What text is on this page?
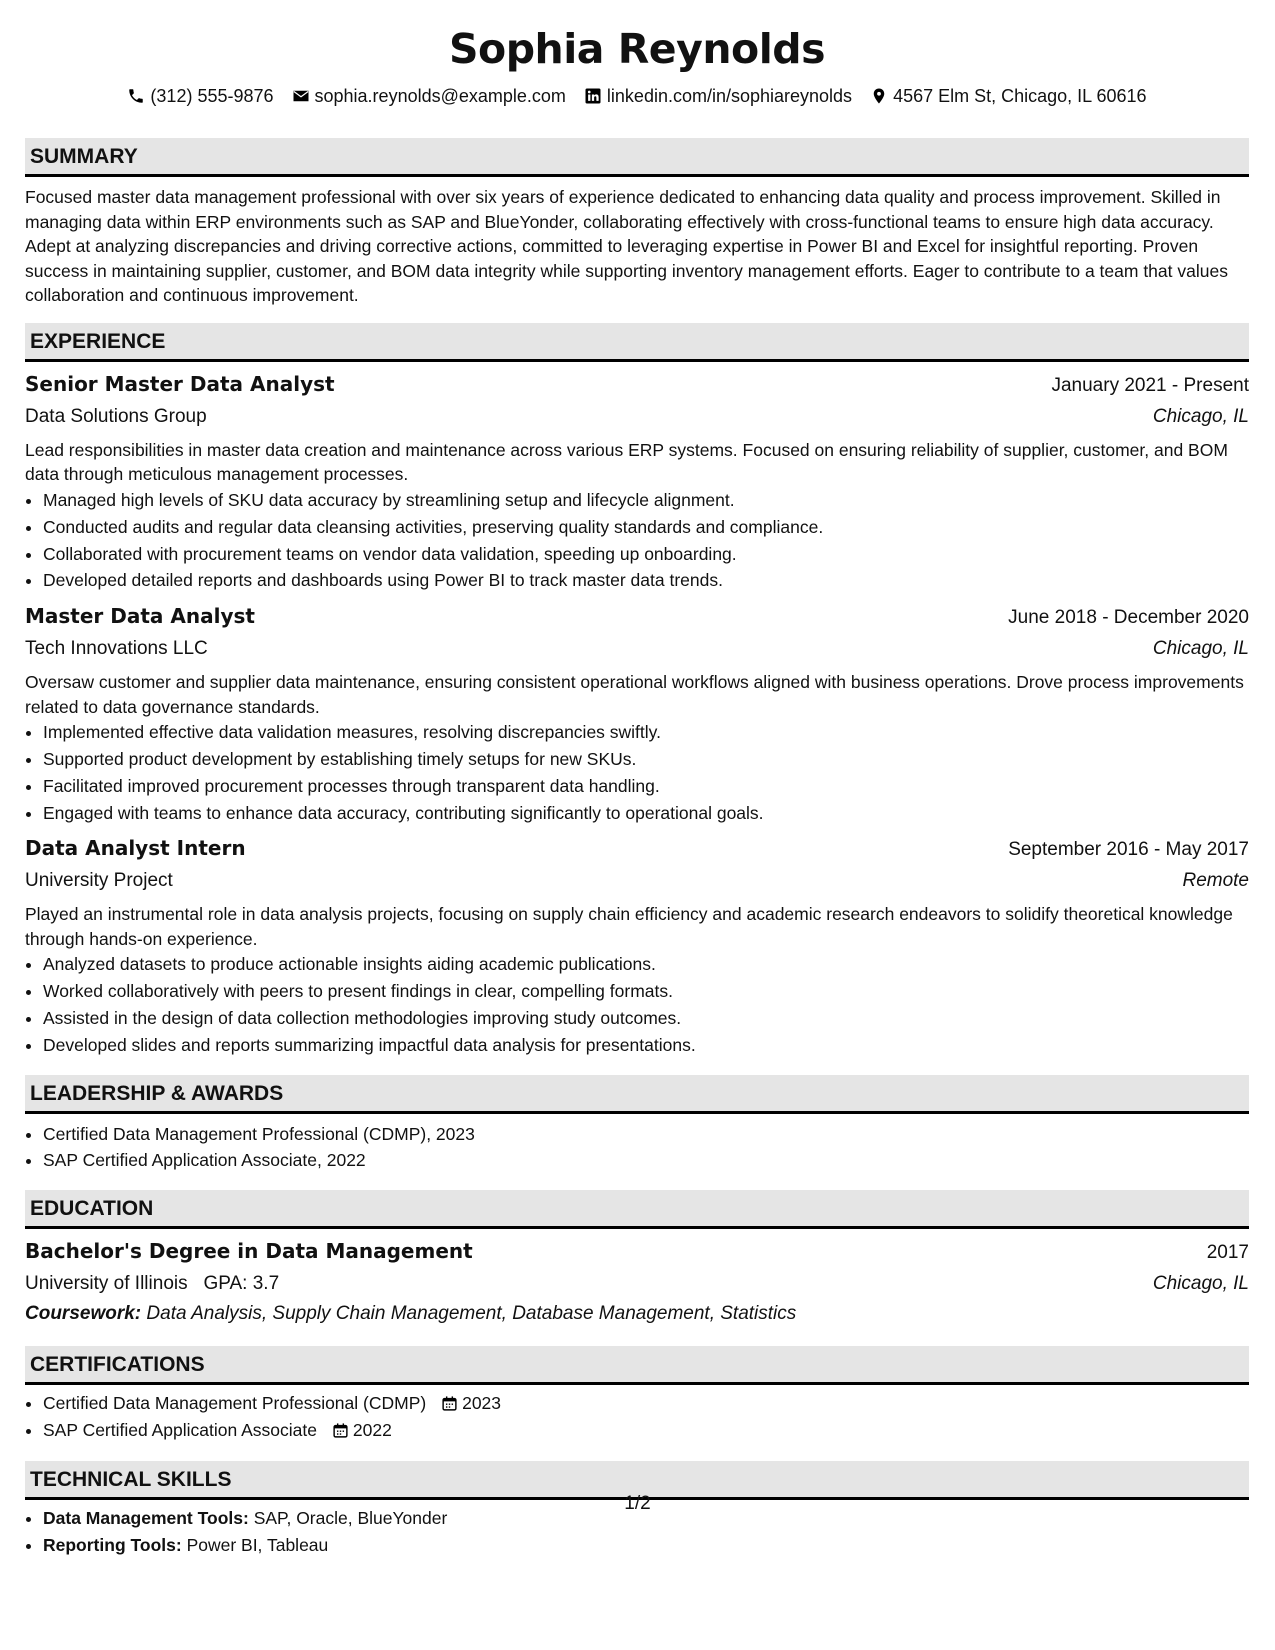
Sophia Reynolds
(312) 555-9876 sophia.reynolds@example.com linkedin.com/in/sophiareynolds 4567 Elm St, Chicago, IL 60616
SUMMARY
Focused master data management professional with over six years of experience dedicated to enhancing data quality and process improvement. Skilled in managing data within ERP environments such as SAP and BlueYonder, collaborating effectively with cross-functional teams to ensure high data accuracy. Adept at analyzing discrepancies and driving corrective actions, committed to leveraging expertise in Power BI and Excel for insightful reporting. Proven success in maintaining supplier, customer, and BOM data integrity while supporting inventory management efforts. Eager to contribute to a team that values collaboration and continuous improvement.
EXPERIENCE
Senior Master Data Analyst	January 2021 - Present
Data Solutions Group	Chicago, IL
Lead responsibilities in master data creation and maintenance across various ERP systems. Focused on ensuring reliability of supplier, customer, and BOM data through meticulous management processes.
• Managed high levels of SKU data accuracy by streamlining setup and lifecycle alignment.
• Conducted audits and regular data cleansing activities, preserving quality standards and compliance.
• Collaborated with procurement teams on vendor data validation, speeding up onboarding.
• Developed detailed reports and dashboards using Power BI to track master data trends.
Master Data Analyst	June 2018 - December 2020
Tech Innovations LLC	Chicago, IL
Oversaw customer and supplier data maintenance, ensuring consistent operational workflows aligned with business operations. Drove process improvements related to data governance standards.
• Implemented effective data validation measures, resolving discrepancies swiftly.
• Supported product development by establishing timely setups for new SKUs.
• Facilitated improved procurement processes through transparent data handling.
• Engaged with teams to enhance data accuracy, contributing significantly to operational goals.
Data Analyst Intern	September 2016 - May 2017
University Project	Remote
Played an instrumental role in data analysis projects, focusing on supply chain efficiency and academic research endeavors to solidify theoretical knowledge through hands-on experience.
• Analyzed datasets to produce actionable insights aiding academic publications.
• Worked collaboratively with peers to present findings in clear, compelling formats.
• Assisted in the design of data collection methodologies improving study outcomes.
• Developed slides and reports summarizing impactful data analysis for presentations.
LEADERSHIP & AWARDS
• Certified Data Management Professional (CDMP), 2023
• SAP Certified Application Associate, 2022
EDUCATION
Bachelor's Degree in Data Management	2017
University of Illinois GPA: 3.7	Chicago, IL
Coursework: Data Analysis, Supply Chain Management, Database Management, Statistics
CERTIFICATIONS
• Certified Data Management Professional (CDMP) 2023
• SAP Certified Application Associate 2022
TECHNICAL SKILLS
• Data Management Tools: SAP, Oracle, BlueYonder
• Reporting Tools: Power BI, Tableau
1/2
